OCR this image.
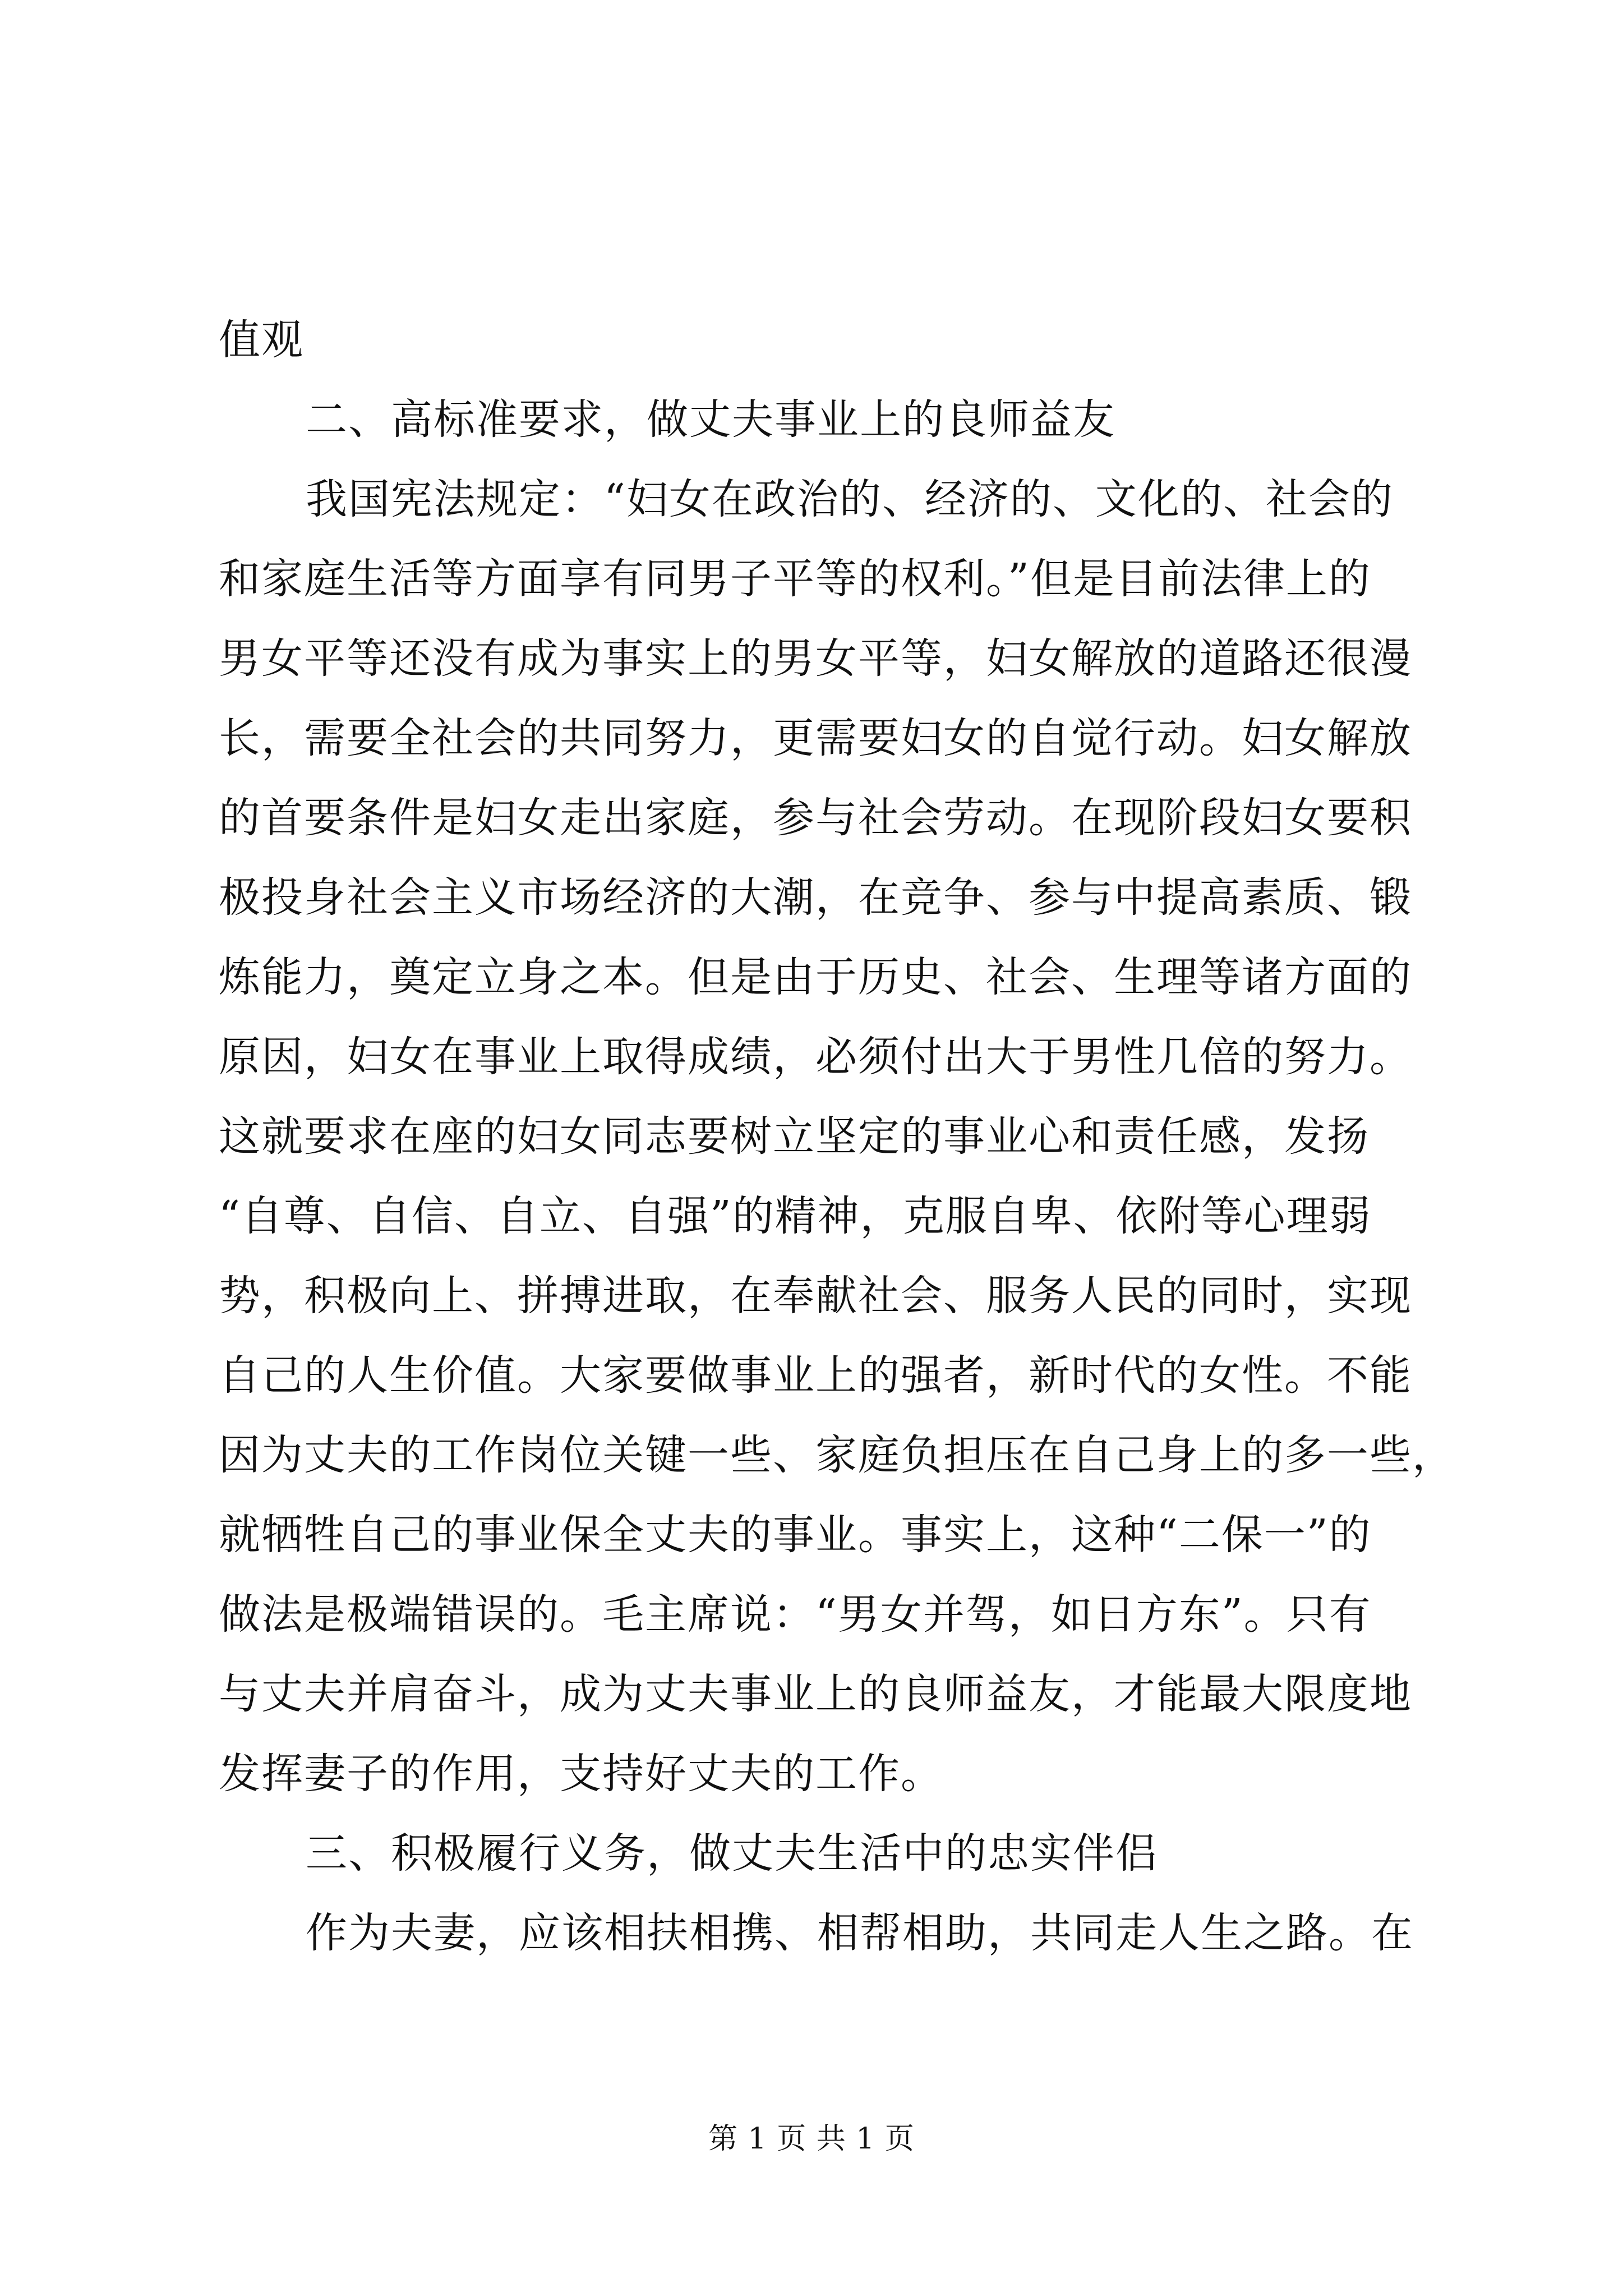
值观
二、高标准要求，做丈夫事业上的良师益友
我国宪法规定：“妇女在政治的、经济的、文化的、社会的
和家庭生活等方面享有同男子平等的权利。”但是目前法律上的
男女平等还没有成为事实上的男女平等，妇女解放的道路还很漫
长，需要全社会的共同努力，更需要妇女的自觉行动。妇女解放
的首要条件是妇女走出家庭，参与社会劳动。在现阶段妇女要积
极投身社会主义市场经济的大潮，在竞争、参与中提高素质、锻
炼能力，奠定立身之本。但是由于历史、社会、生理等诸方面的
原因，妇女在事业上取得成绩，必须付出大于男性几倍的努力。
这就要求在座的妇女同志要树立坚定的事业心和责任感，发扬
“自尊、自信、自立、自强”的精神，克服自卑、依附等心理弱
势，积极向上、拼搏进取，在奉献社会、服务人民的同时，实现
自己的人生价值。大家要做事业上的强者，新时代的女性。不能
因为丈夫的工作岗位关键一些、家庭负担压在自己身上的多一些，
就牺牲自己的事业保全丈夫的事业。事实上，这种“二保一”的
做法是极端错误的。毛主席说：“男女并驾，如日方东”。只有
与丈夫并肩奋斗，成为丈夫事业上的良师益友，才能最大限度地
发挥妻子的作用，支持好丈夫的工作。
三、积极履行义务，做丈夫生活中的忠实伴侣
作为夫妻，应该相扶相携、相帮相助，共同走人生之路。在
第 1 页 共 1 页
